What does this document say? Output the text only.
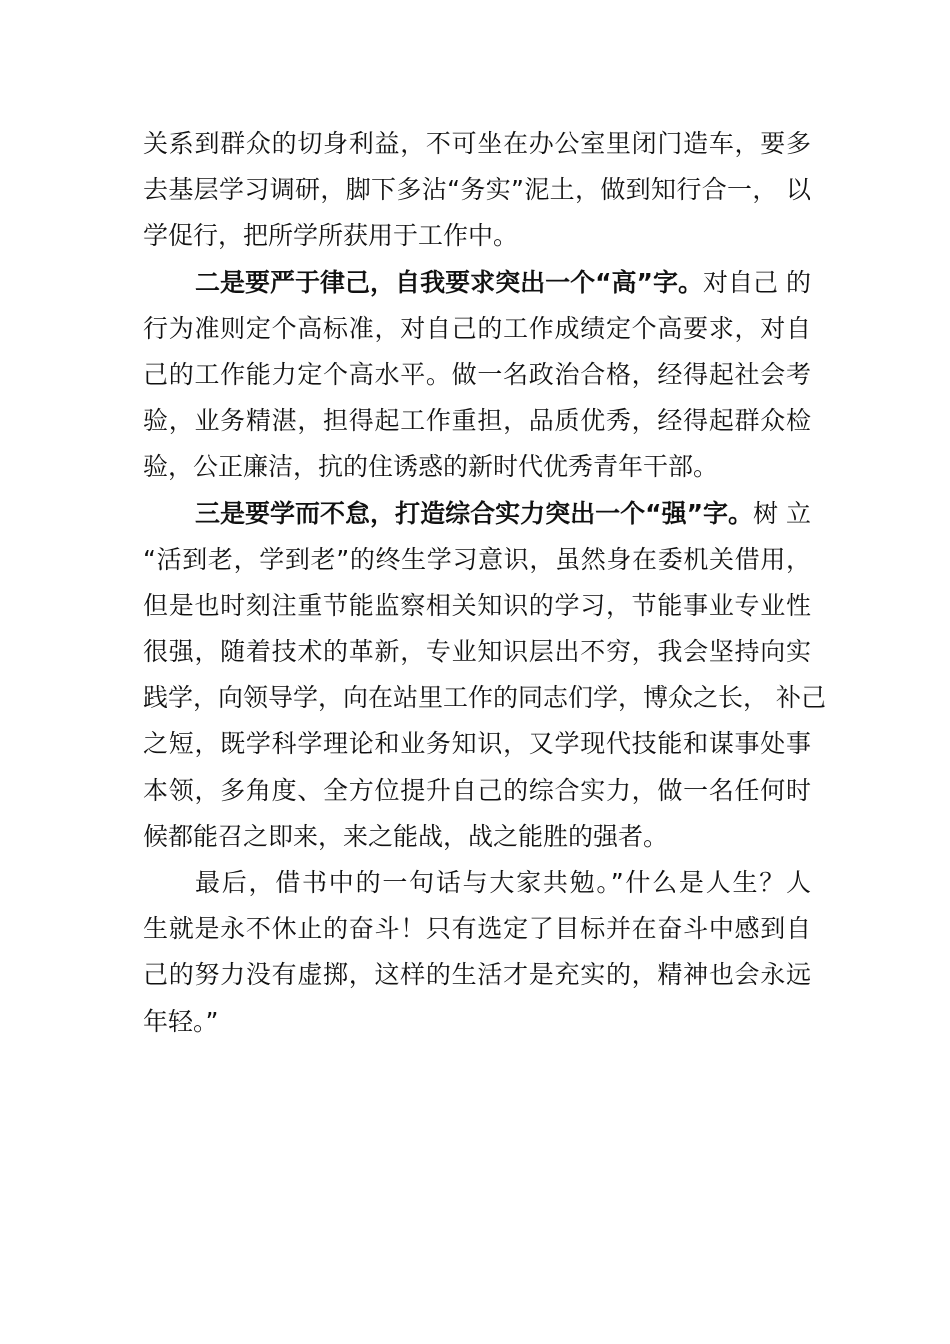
关系到群众的切身利益，不可坐在办公室里闭门造车，要多
去基层学习调研，脚下多沾“务实”泥土，做到知行合一， 以
学促行，把所学所获用于工作中。
二是要严于律己，自我要求突出一个“高”字。对自己 的
行为准则定个高标准，对自己的工作成绩定个高要求，对自
己的工作能力定个高水平。做一名政治合格，经得起社会考
验，业务精湛，担得起工作重担，品质优秀，经得起群众检
验，公正廉洁，抗的住诱惑的新时代优秀青年干部。
三是要学而不怠，打造综合实力突出一个“强”字。树 立
“活到老，学到老”的终生学习意识，虽然身在委机关借用，
但是也时刻注重节能监察相关知识的学习，节能事业专业性
很强，随着技术的革新，专业知识层出不穷，我会坚持向实
践学，向领导学，向在站里工作的同志们学，博众之长， 补己
之短，既学科学理论和业务知识，又学现代技能和谋事处事
本领，多角度、全方位提升自己的综合实力，做一名任何时
候都能召之即来，来之能战，战之能胜的强者。
最后，借书中的一句话与大家共勉。”什么是人生？人
生就是永不休止的奋斗！只有选定了目标并在奋斗中感到自
己的努力没有虚掷，这样的生活才是充实的，精神也会永远
年轻。”
